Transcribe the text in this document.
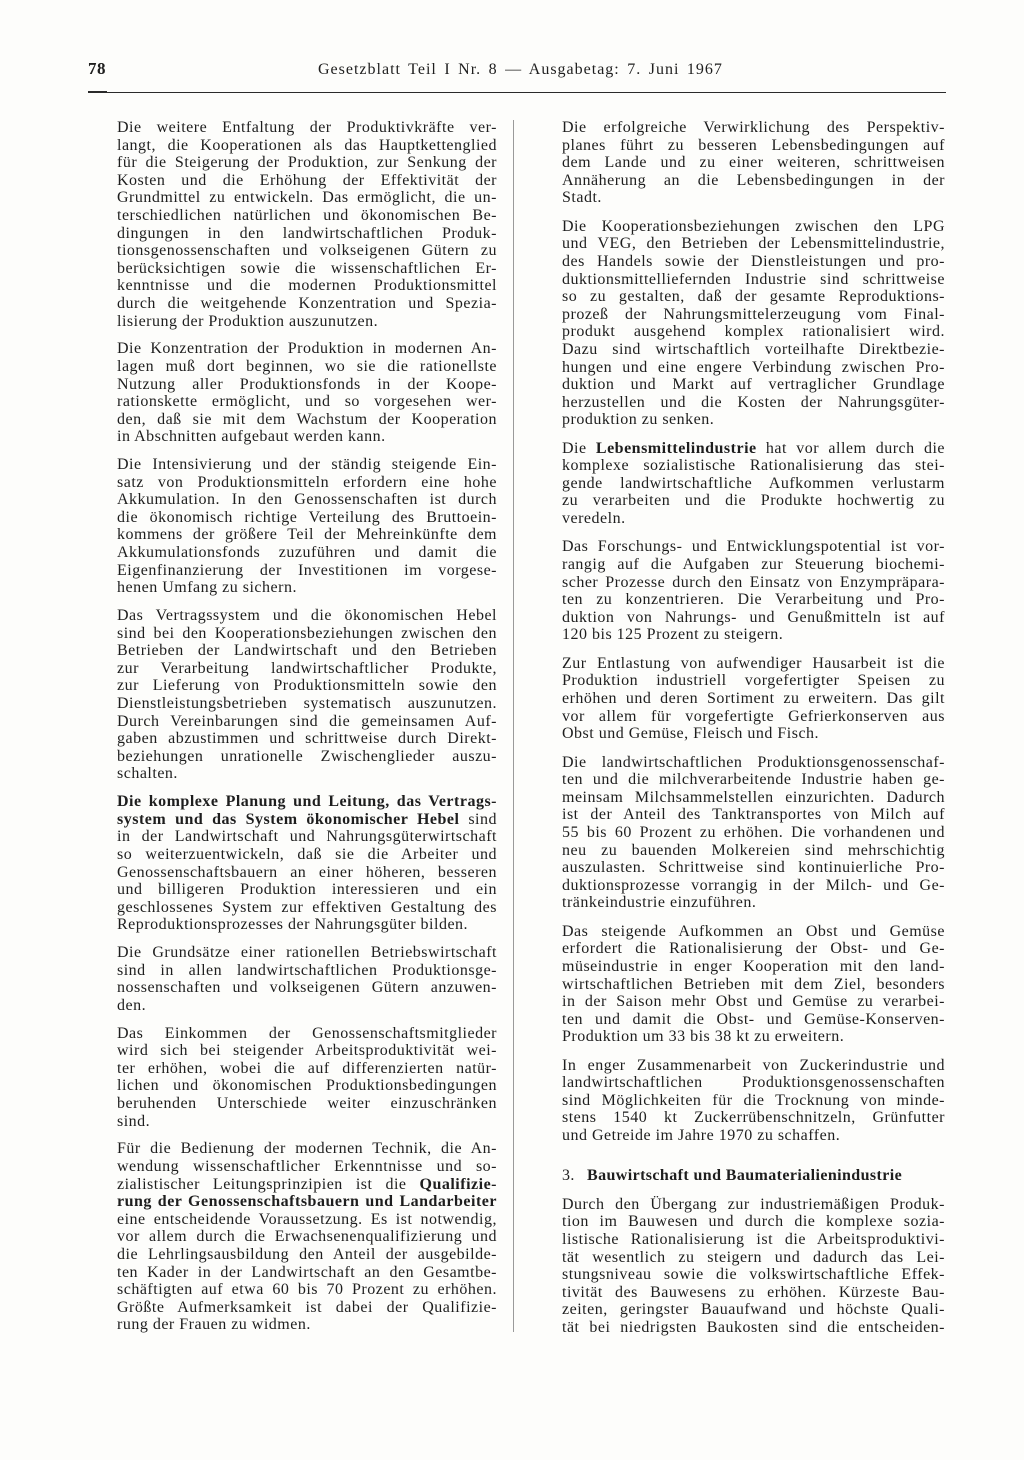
78	Gesetzblatt Teil I Nr. 8 — Ausgabetag: 7. Juni 1967
Die weitere Entfaltung der Produktivkräfte ver-
langt, die Kooperationen als das Hauptkettenglied
für die Steigerung der Produktion, zur Senkung der
Kosten und die Erhöhung der Effektivität der
Grundmittel zu entwickeln. Das ermöglicht, die un-
terschiedlichen natürlichen und ökonomischen Be-
dingungen in den landwirtschaftlichen Produk-
tionsgenossenschaften und volkseigenen Gütern zu
berücksichtigen sowie die wissenschaftlichen Er-
kenntnisse und die modernen Produktionsmittel
durch die weitgehende Konzentration und Spezia-
lisierung der Produktion auszunutzen.
Die Konzentration der Produktion in modernen An-
lagen muß dort beginnen, wo sie die rationellste
Nutzung aller Produktionsfonds in der Koope-
rationskette ermöglicht, und so vorgesehen wer-
den, daß sie mit dem Wachstum der Kooperation
in Abschnitten aufgebaut werden kann.
Die Intensivierung und der ständig steigende Ein-
satz von Produktionsmitteln erfordern eine hohe
Akkumulation. In den Genossenschaften ist durch
die ökonomisch richtige Verteilung des Bruttoein-
kommens der größere Teil der Mehreinkünfte dem
Akkumulationsfonds zuzuführen und damit die
Eigenfinanzierung der Investitionen im vorgese-
henen Umfang zu sichern.
Das Vertragssystem und die ökonomischen Hebel
sind bei den Kooperationsbeziehungen zwischen den
Betrieben der Landwirtschaft und den Betrieben
zur Verarbeitung landwirtschaftlicher Produkte,
zur Lieferung von Produktionsmitteln sowie den
Dienstleistungsbetrieben systematisch auszunutzen.
Durch Vereinbarungen sind die gemeinsamen Auf-
gaben abzustimmen und schrittweise durch Direkt-
beziehungen unrationelle Zwischenglieder auszu-
schalten.
Die komplexe Planung und Leitung, das Vertrags-
system und das System ökonomischer Hebel sind
in der Landwirtschaft und Nahrungsgüterwirtschaft
so weiterzuentwickeln, daß sie die Arbeiter und
Genossenschaftsbauern an einer höheren, besseren
und billigeren Produktion interessieren und ein
geschlossenes System zur effektiven Gestaltung des
Reproduktionsprozesses der Nahrungsgüter bilden.
Die Grundsätze einer rationellen Betriebswirtschaft
sind in allen landwirtschaftlichen Produktionsge-
nossenschaften und volkseigenen Gütern anzuwen-
den.
Das Einkommen der Genossenschaftsmitglieder
wird sich bei steigender Arbeitsproduktivität wei-
ter erhöhen, wobei die auf differenzierten natür-
lichen und ökonomischen Produktionsbedingungen
beruhenden Unterschiede weiter einzuschränken
sind.
Für die Bedienung der modernen Technik, die An-
wendung wissenschaftlicher Erkenntnisse und so-
zialistischer Leitungsprinzipien ist die Qualifizie-
rung der Genossenschaftsbauern und Landarbeiter
eine entscheidende Voraussetzung. Es ist notwendig,
vor allem durch die Erwachsenenqualifizierung und
die Lehrlingsausbildung den Anteil der ausgebilde-
ten Kader in der Landwirtschaft an den Gesamtbe-
schäftigten auf etwa 60 bis 70 Prozent zu erhöhen.
Größte Aufmerksamkeit ist dabei der Qualifizie-
rung der Frauen zu widmen.
Die erfolgreiche Verwirklichung des Perspektiv-
planes führt zu besseren Lebensbedingungen auf
dem Lande und zu einer weiteren, schrittweisen
Annäherung an die Lebensbedingungen in der
Stadt.
Die Kooperationsbeziehungen zwischen den LPG
und VEG, den Betrieben der Lebensmittelindustrie,
des Handels sowie der Dienstleistungen und pro-
duktionsmittelliefernden Industrie sind schrittweise
so zu gestalten, daß der gesamte Reproduktions-
prozeß der Nahrungsmittelerzeugung vom Final-
produkt ausgehend komplex rationalisiert wird.
Dazu sind wirtschaftlich vorteilhafte Direktbezie-
hungen und eine engere Verbindung zwischen Pro-
duktion und Markt auf vertraglicher Grundlage
herzustellen und die Kosten der Nahrungsgüter-
produktion zu senken.
Die Lebensmittelindustrie hat vor allem durch die
komplexe sozialistische Rationalisierung das stei-
gende landwirtschaftliche Aufkommen verlustarm
zu verarbeiten und die Produkte hochwertig zu
veredeln.
Das Forschungs- und Entwicklungspotential ist vor-
rangig auf die Aufgaben zur Steuerung biochemi-
scher Prozesse durch den Einsatz von Enzympräpara-
ten zu konzentrieren. Die Verarbeitung und Pro-
duktion von Nahrungs- und Genußmitteln ist auf
120 bis 125 Prozent zu steigern.
Zur Entlastung von aufwendiger Hausarbeit ist die
Produktion industriell vorgefertigter Speisen zu
erhöhen und deren Sortiment zu erweitern. Das gilt
vor allem für vorgefertigte Gefrierkonserven aus
Obst und Gemüse, Fleisch und Fisch.
Die landwirtschaftlichen Produktionsgenossenschaf-
ten und die milchverarbeitende Industrie haben ge-
meinsam Milchsammelstellen einzurichten. Dadurch
ist der Anteil des Tanktransportes von Milch auf
55 bis 60 Prozent zu erhöhen. Die vorhandenen und
neu zu bauenden Molkereien sind mehrschichtig
auszulasten. Schrittweise sind kontinuierliche Pro-
duktionsprozesse vorrangig in der Milch- und Ge-
tränkeindustrie einzuführen.
Das steigende Aufkommen an Obst und Gemüse
erfordert die Rationalisierung der Obst- und Ge-
müseindustrie in enger Kooperation mit den land-
wirtschaftlichen Betrieben mit dem Ziel, besonders
in der Saison mehr Obst und Gemüse zu verarbei-
ten und damit die Obst- und Gemüse-Konserven-
Produktion um 33 bis 38 kt zu erweitern.
In enger Zusammenarbeit von Zuckerindustrie und
landwirtschaftlichen Produktionsgenossenschaften
sind Möglichkeiten für die Trocknung von minde-
stens 1540 kt Zuckerrübenschnitzeln, Grünfutter
und Getreide im Jahre 1970 zu schaffen.
3. Bauwirtschaft und Baumaterialienindustrie
Durch den Übergang zur industriemäßigen Produk-
tion im Bauwesen und durch die komplexe sozia-
listische Rationalisierung ist die Arbeitsproduktivi-
tät wesentlich zu steigern und dadurch das Lei-
stungsniveau sowie die volkswirtschaftliche Effek-
tivität des Bauwesens zu erhöhen. Kürzeste Bau-
zeiten, geringster Bauaufwand und höchste Quali-
tät bei niedrigsten Baukosten sind die entscheiden-
